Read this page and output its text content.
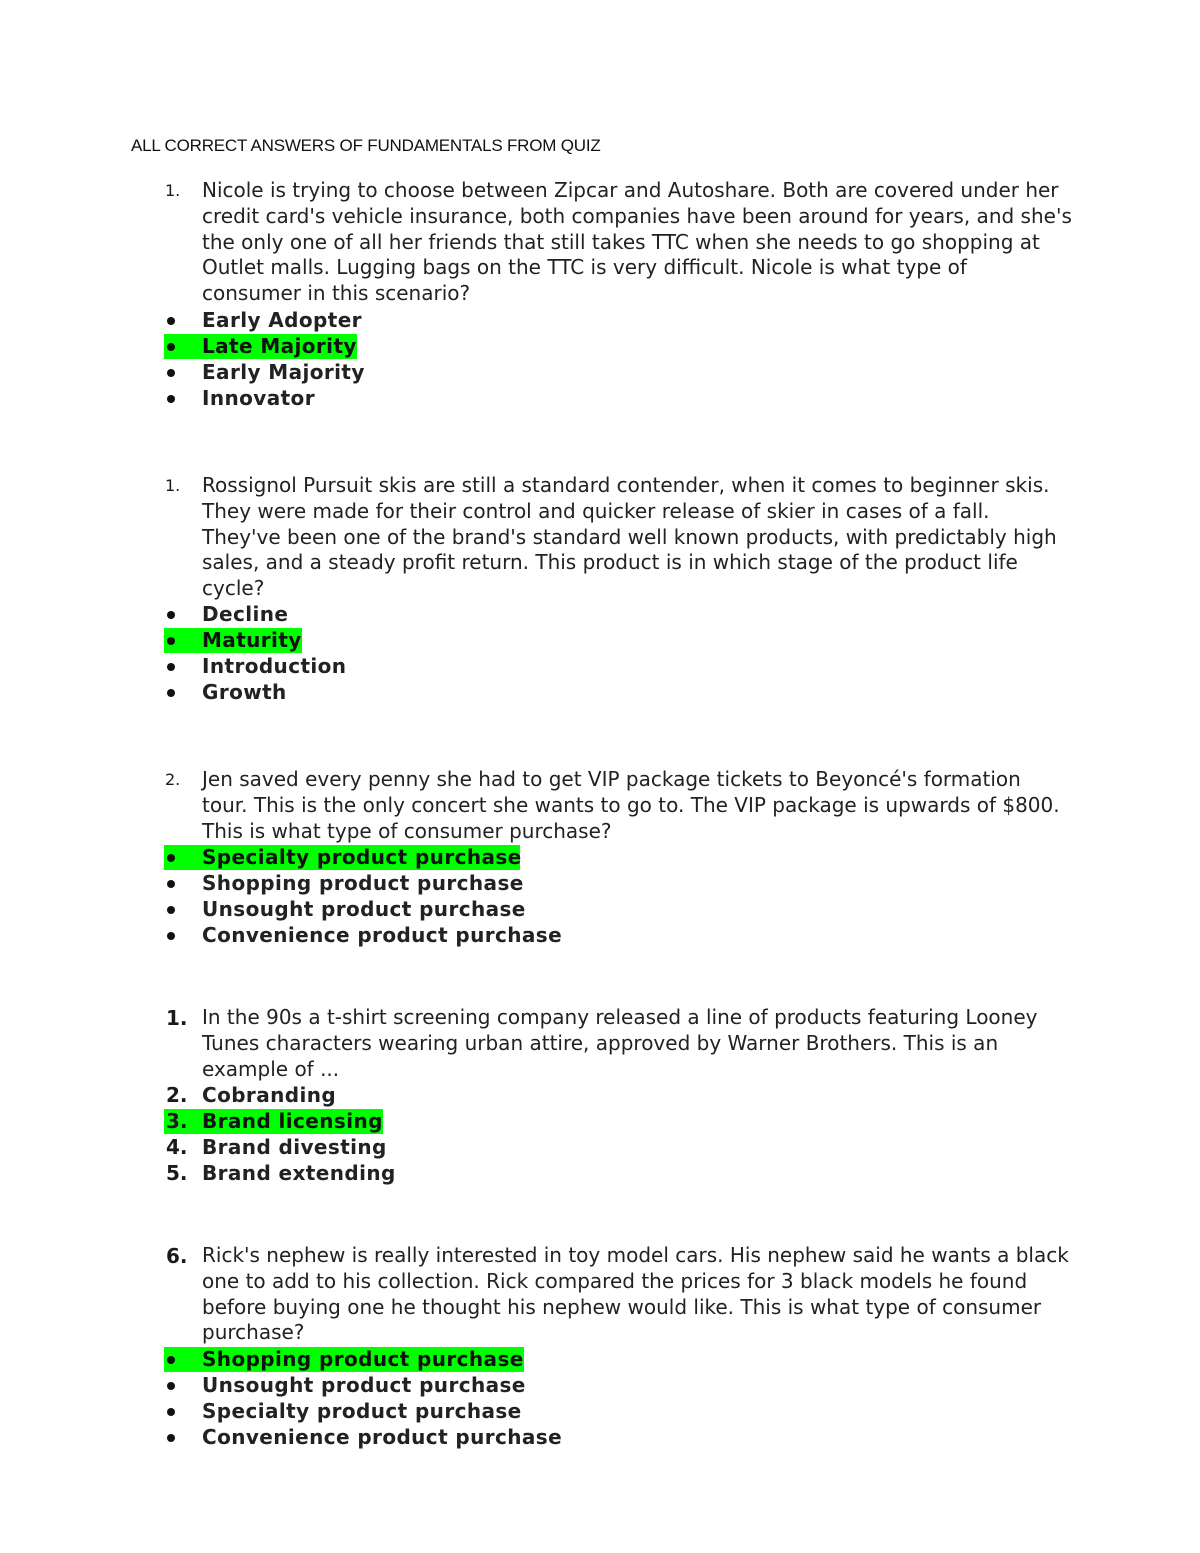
ALL CORRECT ANSWERS OF FUNDAMENTALS FROM QUIZ
1. Nicole is trying to choose between Zipcar and Autoshare. Both are covered under her credit card's vehicle insurance, both companies have been around for years, and she's the only one of all her friends that still takes TTC when she needs to go shopping at Outlet malls. Lugging bags on the TTC is very difficult. Nicole is what type of consumer in this scenario?
Early Adopter
Late Majority
Early Majority
Innovator
1. Rossignol Pursuit skis are still a standard contender, when it comes to beginner skis. They were made for their control and quicker release of skier in cases of a fall. They've been one of the brand's standard well known products, with predictably high sales, and a steady profit return. This product is in which stage of the product life cycle?
Decline
Maturity
Introduction
Growth
2. Jen saved every penny she had to get VIP package tickets to Beyoncé's formation tour. This is the only concert she wants to go to. The VIP package is upwards of $800. This is what type of consumer purchase?
Specialty product purchase
Shopping product purchase
Unsought product purchase
Convenience product purchase
1. In the 90s a t-shirt screening company released a line of products featuring Looney Tunes characters wearing urban attire, approved by Warner Brothers. This is an example of ...
2. Cobranding
3. Brand licensing
4. Brand divesting
5. Brand extending
6. Rick's nephew is really interested in toy model cars. His nephew said he wants a black one to add to his collection. Rick compared the prices for 3 black models he found before buying one he thought his nephew would like. This is what type of consumer purchase?
Shopping product purchase
Unsought product purchase
Specialty product purchase
Convenience product purchase
